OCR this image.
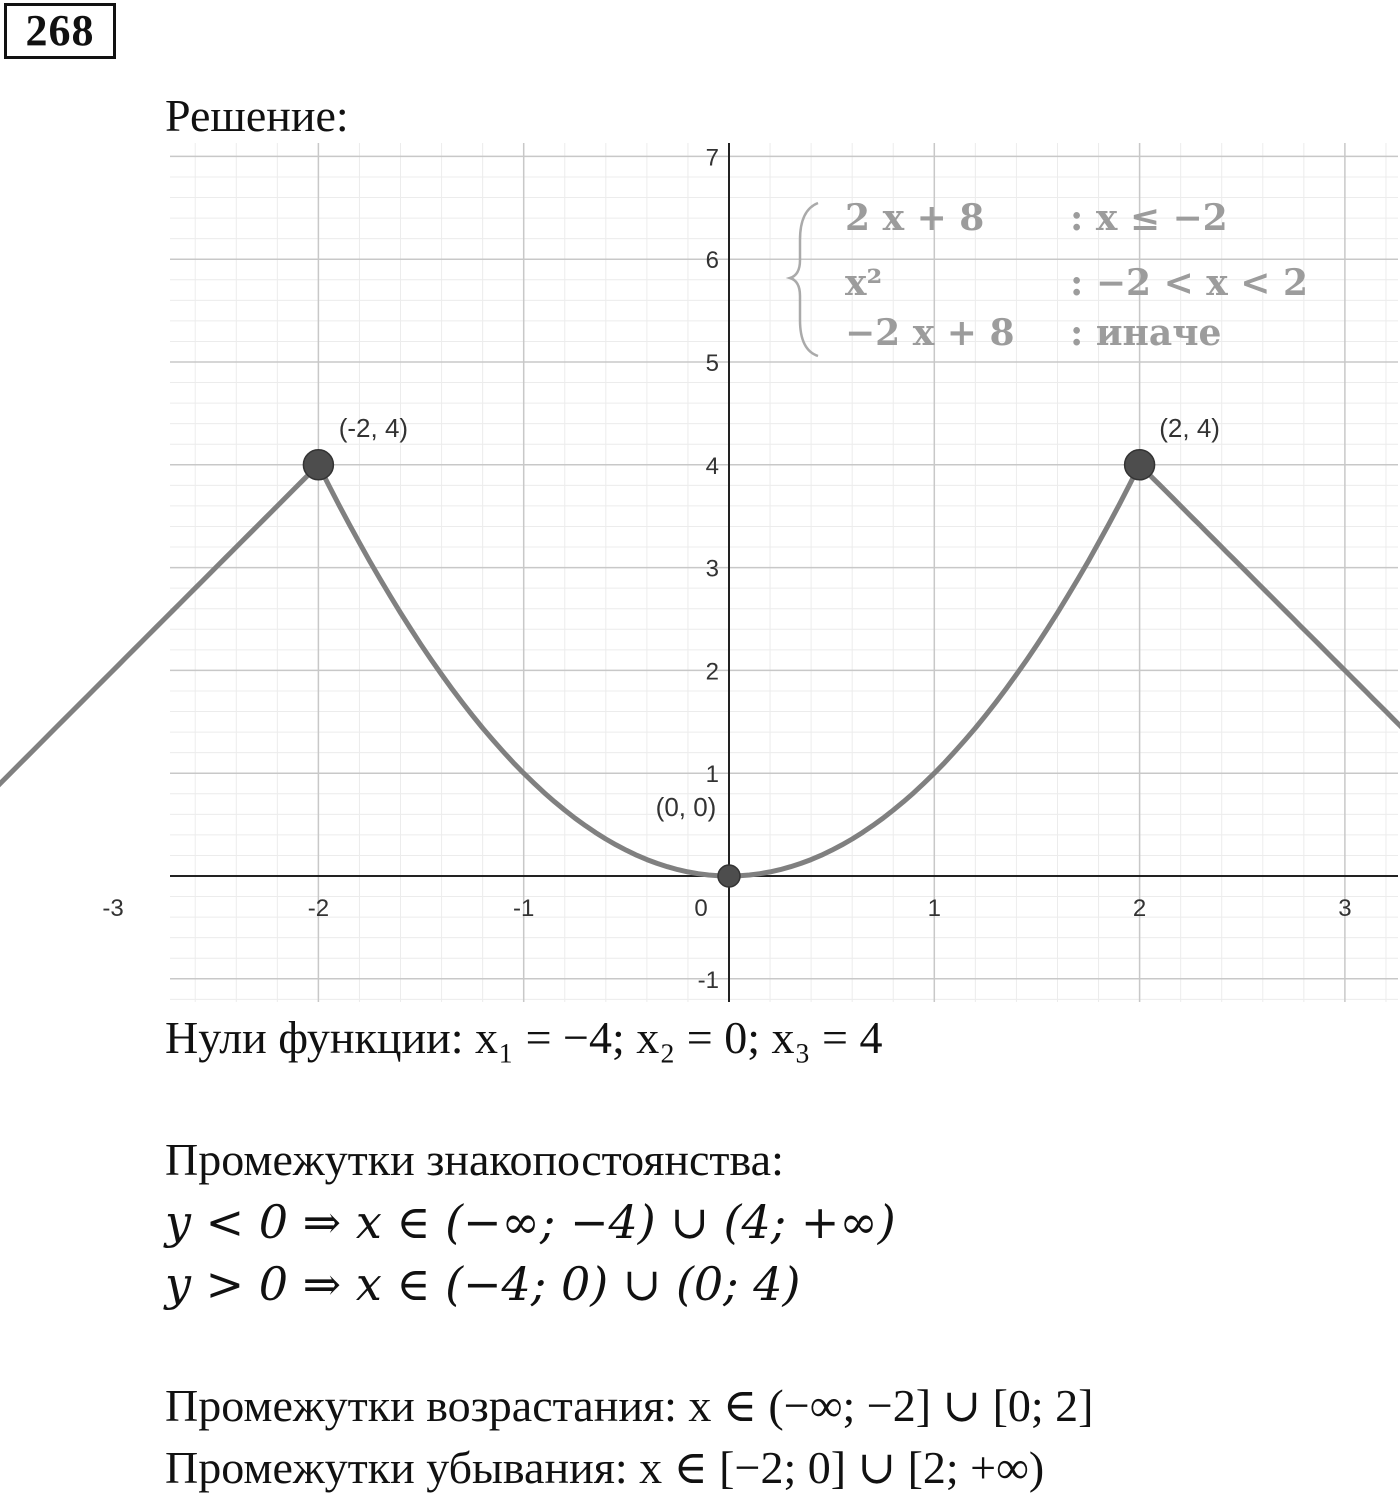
268
Решение:
-3	-2	-1	0	1	2	3
-1
1
2
3
4
5
6
7
(-2, 4)
(0, 0)
(2, 4)
2 x + 8 : x ≤ −2
x²	: −2 < x < 2
−2 x + 8 : иначе
Нули функции: x₁ = −4; x₂ = 0; x₃ = 4
Промежутки знакопостоянства:
y < 0 ⇒ x ∈ (−∞; −4) ∪ (4; +∞)
y > 0 ⇒ x ∈ (−4; 0) ∪ (0; 4)
Промежутки возрастания: x ∈ (−∞; −2] ∪ [0; 2]
Промежутки убывания: x ∈ [−2; 0] ∪ [2; +∞)
